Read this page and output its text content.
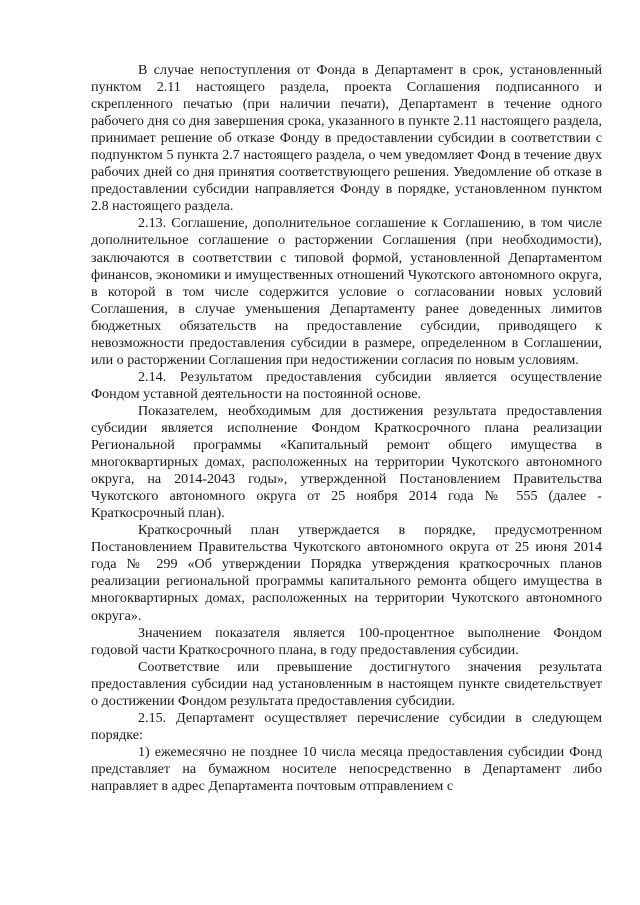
В случае непоступления от Фонда в Департамент в срок, установленный пунктом 2.11 настоящего раздела, проекта Соглашения подписанного и скрепленного печатью (при наличии печати), Департамент в течение одного рабочего дня со дня завершения срока, указанного в пункте 2.11 настоящего раздела, принимает решение об отказе Фонду в предоставлении субсидии в соответствии с подпунктом 5 пункта 2.7 настоящего раздела, о чем уведомляет Фонд в течение двух рабочих дней со дня принятия соответствующего решения. Уведомление об отказе в предоставлении субсидии направляется Фонду в порядке, установленном пунктом 2.8 настоящего раздела.

2.13. Соглашение, дополнительное соглашение к Соглашению, в том числе дополнительное соглашение о расторжении Соглашения (при необходимости), заключаются в соответствии с типовой формой, установленной Департаментом финансов, экономики и имущественных отношений Чукотского автономного округа, в которой в том числе содержится условие о согласовании новых условий Соглашения, в случае уменьшения Департаменту ранее доведенных лимитов бюджетных обязательств на предоставление субсидии, приводящего к невозможности предоставления субсидии в размере, определенном в Соглашении, или о расторжении Соглашения при недостижении согласия по новым условиям.

2.14. Результатом предоставления субсидии является осуществление Фондом уставной деятельности на постоянной основе.

Показателем, необходимым для достижения результата предоставления субсидии является исполнение Фондом Краткосрочного плана реализации Региональной программы «Капитальный ремонт общего имущества в многоквартирных домах, расположенных на территории Чукотского автономного округа, на 2014-2043 годы», утвержденной Постановлением Правительства Чукотского автономного округа от 25 ноября 2014 года № 555 (далее - Краткосрочный план).

Краткосрочный план утверждается в порядке, предусмотренном Постановлением Правительства Чукотского автономного округа от 25 июня 2014 года № 299 «Об утверждении Порядка утверждения краткосрочных планов реализации региональной программы капитального ремонта общего имущества в многоквартирных домах, расположенных на территории Чукотского автономного округа».

Значением показателя является 100-процентное выполнение Фондом годовой части Краткосрочного плана, в году предоставления субсидии.

Соответствие или превышение достигнутого значения результата предоставления субсидии над установленным в настоящем пункте свидетельствует о достижении Фондом результата предоставления субсидии.

2.15. Департамент осуществляет перечисление субсидии в следующем порядке:

1) ежемесячно не позднее 10 числа месяца предоставления субсидии Фонд представляет на бумажном носителе непосредственно в Департамент либо направляет в адрес Департамента почтовым отправлением с
